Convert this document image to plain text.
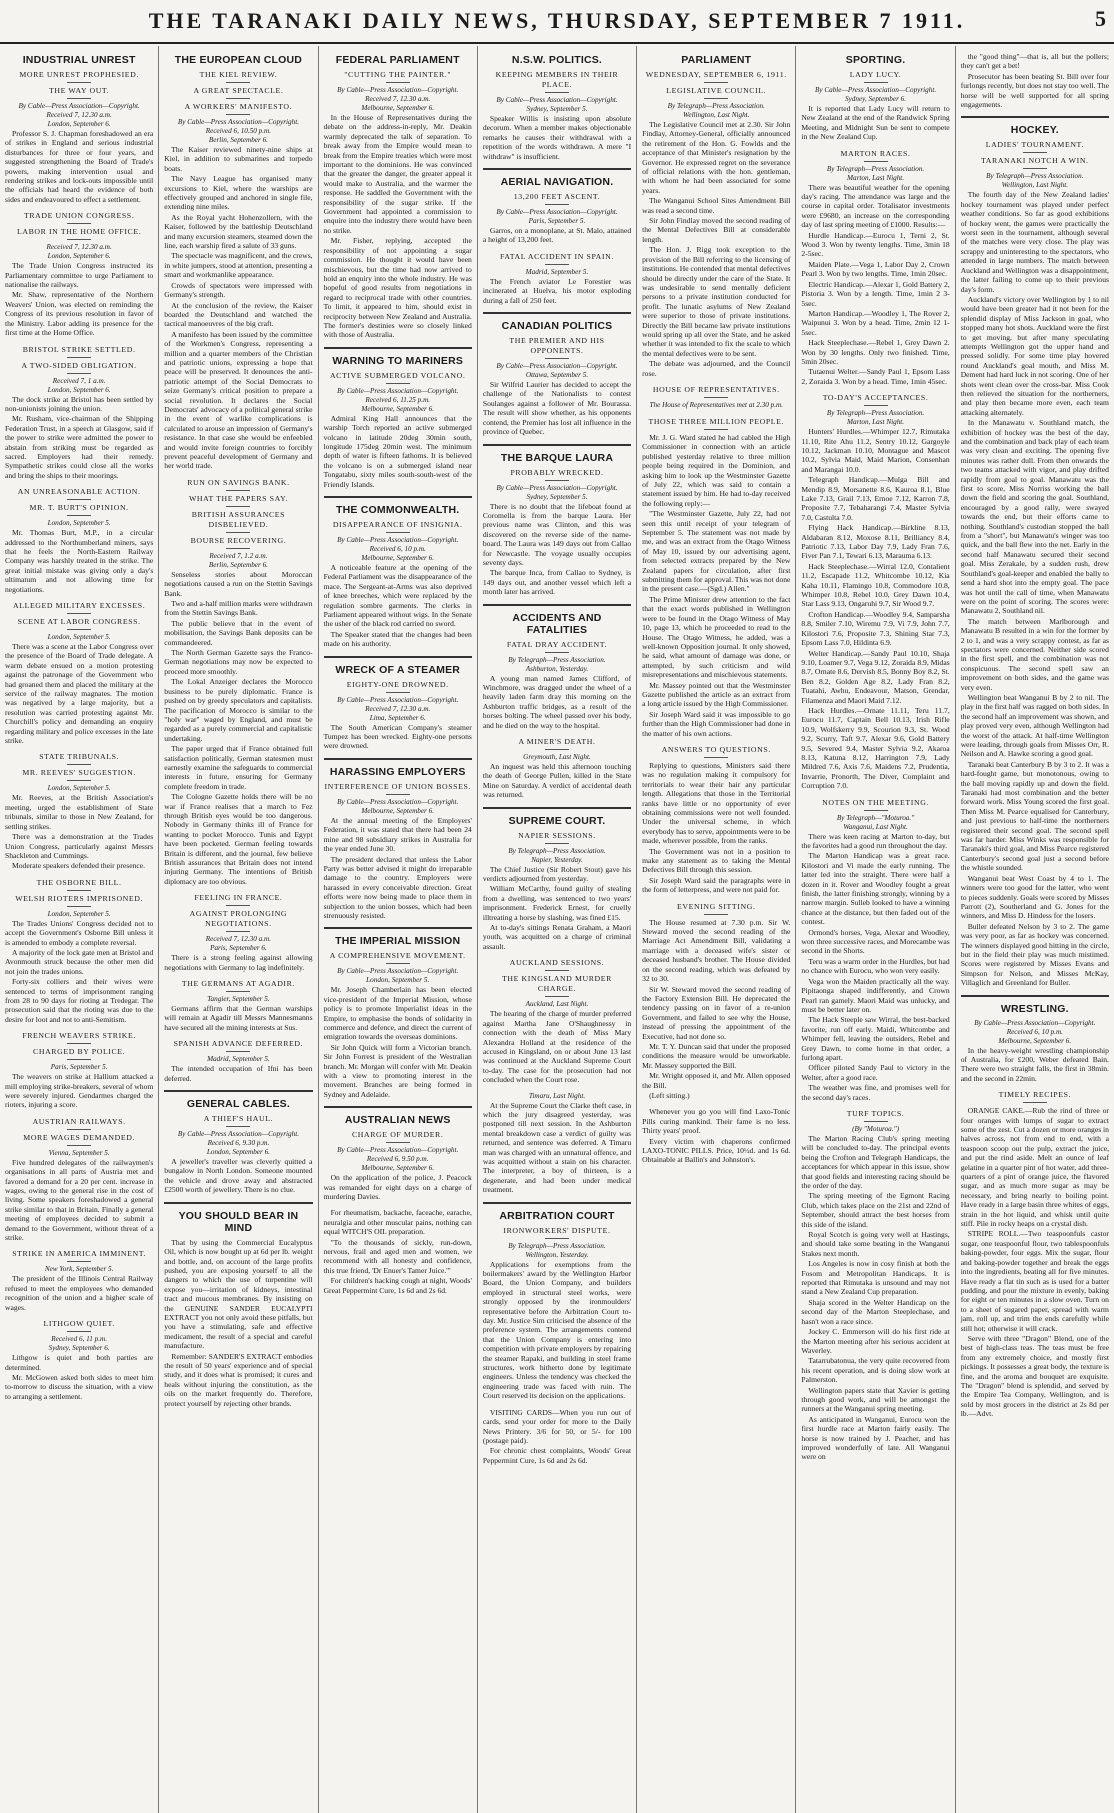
THE TARANAKI DAILY NEWS, THURSDAY, SEPTEMBER 7 1911.	5
INDUSTRIAL UNREST
MORE UNREST PROPHESIED.
THE WAY OUT.
By Cable—Press Association—Copyright.
Received 7, 12.30 a.m.
London, September 6.
Professor S. J. Chapman foreshadowed an era of strikes in England and serious industrial disturbances for three or four years, and suggested strengthening the Board of Trade's powers, making intervention usual and rendering strikes and lock-outs impossible until the officials had heard the evidence of both sides and endeavoured to effect a settlement.
TRADE UNION CONGRESS.
LABOR IN THE HOME OFFICE.
Received 7, 12.30 a.m.
London, September 6.
The Trade Union Congress instructed its Parliamentary committee to urge Parliament to nationalise the railways.
Mr. Shaw, representative of the Northern Weavers' Union, was elected on reminding the Congress of its previous resolution in favor of the Ministry. Labor adding its presence for the first time at the Home Office.
BRISTOL STRIKE SETTLED.
A TWO-SIDED OBLIGATION.
Received 7, 1 a.m.
London, September 6.
The dock strike at Bristol has been settled by non-unionists joining the union.
Mr. Rusham, vice-chairman of the Shipping Federation Trust, in a speech at Glasgow, said if the power to strike were admitted the power to abstain from striking must be regarded as sacred. Employers had their remedy. Sympathetic strikes could close all the works and bring the ships to their moorings.
AN UNREASONABLE ACTION.
MR. T. BURT'S OPINION.
London, September 5.
Mr. Thomas Burt, M.P., in a circular addressed to the Northumberland miners, says that he feels the North-Eastern Railway Company was harshly treated in the strike. The great initial mistake was giving only a day's ultimatum and not allowing time for negotiations.
ALLEGED MILITARY EXCESSES.
SCENE AT LABOR CONGRESS.
London, September 5.
There was a scene at the Labor Congress over the presence of the Board of Trade delegate. A warm debate ensued on a motion protesting against the patronage of the Government who had groaned them and placed the military at the service of the railway magnates. The motion was negatived by a large majority, but a resolution was carried protesting against Mr. Churchill's policy and demanding an enquiry regarding military and police excesses in the late strike.
STATE TRIBUNALS.
MR. REEVES' SUGGESTION.
London, September 5.
Mr. Reeves, at the British Association's meeting, urged the establishment of State tribunals, similar to those in New Zealand, for settling strikes.
There was a demonstration at the Trades Union Congress, particularly against Messrs Shackleton and Cummings.
Moderate speakers defended their presence.
THE OSBORNE BILL.
WELSH RIOTERS IMPRISONED.
London, September 5.
The Trades Unions' Congress decided not to accept the Government's Osborne Bill unless it is amended to embody a complete reversal.
A majority of the lock gate men at Bristol and Avonmouth struck because the other men did not join the trades unions.
Forty-six colliers and their wives were sentenced to terms of imprisonment ranging from 28 to 90 days for rioting at Tredegar. The prosecution said that the rioting was due to the desire for loot and not to anti-Semitism.
FRENCH WEAVERS STRIKE.
CHARGED BY POLICE.
Paris, September 5.
The weavers on strike at Hallium attacked a mill employing strike-breakers, several of whom were severely injured. Gendarmes charged the rioters, injuring a score.
AUSTRIAN RAILWAYS.
MORE WAGES DEMANDED.
Vienna, September 5.
Five hundred delegates of the railwaymen's organisations in all parts of Austria met and favored a demand for a 20 per cent. increase in wages, owing to the general rise in the cost of living. Some speakers foreshadowed a general strike similar to that in Britain. Finally a general meeting of employees decided to submit a demand to the Government, without threat of a strike.
STRIKE IN AMERICA IMMINENT.
New York, September 5.
The president of the Illinois Central Railway refused to meet the employees who demanded recognition of the union and a higher scale of wages.
LITHGOW QUIET.
Received 6, 11 p.m.
Sydney, September 6.
Lithgow is quiet and both parties are determined.
Mr. McGowen asked both sides to meet him to-morrow to discuss the situation, with a view to arranging a settlement.
THE EUROPEAN CLOUD
THE KIEL REVIEW.
A GREAT SPECTACLE.
A WORKERS' MANIFESTO.
By Cable—Press Association—Copyright.
Received 6, 10.50 p.m.
Berlin, September 6.
The Kaiser reviewed ninety-nine ships at Kiel, in addition to submarines and torpedo boats.
The Navy League has organised many excursions to Kiel, where the warships are effectively grouped and anchored in single file, extending nine miles.
As the Royal yacht Hohenzollern, with the Kaiser, followed by the battleship Deutschland and many excursion steamers, steamed down the line, each warship fired a salute of 33 guns.
The spectacle was magnificent, and the crews, in white jumpers, stood at attention, presenting a smart and workmanlike appearance.
Crowds of spectators were impressed with Germany's strength.
At the conclusion of the review, the Kaiser boarded the Deutschland and watched the tactical manoeuvres of the big craft.
A manifesto has been issued by the committee of the Workmen's Congress, representing a million and a quarter members of the Christian and patriotic unions, expressing a hope that peace will be preserved. It denounces the anti-patriotic attempt of the Social Democrats to seize Germany's critical position to prepare a social revolution. It declares the Social Democrats' advocacy of a political general strike in the event of warlike complications is calculated to arouse an impression of Germany's resistance. In that case she would be enfeebled and would invite foreign countries to forcibly prevent peaceful development of Germany and her world trade.
RUN ON SAVINGS BANK.
WHAT THE PAPERS SAY.
BRITISH ASSURANCES DISBELIEVED.
BOURSE RECOVERING.
Received 7, 1.2 a.m.
Berlin, September 6.
Senseless stories about Moroccan negotiations caused a run on the Stettin Savings Bank.
Two and a-half million marks were withdrawn from the Stettin Savings Bank.
The public believe that in the event of mobilisation, the Savings Bank deposits can be commandeered.
The North German Gazette says the Franco-German negotiations may now be expected to proceed more smoothly.
The Lokal Anzeiger declares the Morocco business to be purely diplomatic. France is pushed on by greedy speculators and capitalists. The pacification of Morocco is similar to the "holy war" waged by England, and must be regarded as a purely commercial and capitalistic undertaking.
The paper urged that if France obtained full satisfaction politically, German statesmen must earnestly examine the safeguards to commercial interests in future, ensuring for Germany complete freedom in trade.
The Cologne Gazette holds there will be no war if France realises that a march to Fez through British eyes would be too dangerous. Nobody in Germany thinks ill of France for wanting to pocket Morocco. Tunis and Egypt have been pocketed. German feeling towards Britain is different, and the journal, few believe British assurances that Britain does not intend injuring Germany. The intentions of British diplomacy are too obvious.
FEELING IN FRANCE.
AGAINST PROLONGING NEGOTIATIONS.
Received 7, 12.30 a.m.
Paris, September 6.
There is a strong feeling against allowing negotiations with Germany to lag indefinitely.
THE GERMANS AT AGADIR.
Tangier, September 5.
Germans affirm that the German warships will remain at Agadir till Messrs Mannesmanns have secured all the mining interests at Sus.
SPANISH ADVANCE DEFERRED.
Madrid, September 5.
The intended occupation of Ifni has been deferred.
GENERAL CABLES.
A THIEF'S HAUL.
By Cable—Press Association—Copyright.
Received 6, 9.30 p.m.
London, September 6.
A jeweller's traveller was cleverly quitted a bungalow in North London. Someone mounted the vehicle and drove away and abstracted £2500 worth of jewellery. There is no clue.
YOU SHOULD BEAR IN MIND
That by using the Commercial Eucalyptus Oil, which is now bought up at 6d per lb. weight and bottle, and, on account of the large profits pushed, you are exposing yourself to all the dangers to which the use of turpentine will expose you—irritation of kidneys, intestinal tract and mucous membranes. By insisting on the GENUINE SANDER EUCALYPTI EXTRACT you not only avoid these pitfalls, but you have a stimulating, safe and effective medicament, the result of a special and careful manufacture.
Remember: SANDER'S EXTRACT embodies the result of 50 years' experience and of special study, and it does what is promised; it cures and heals without injuring the constitution, as the oils on the market frequently do. Therefore, protect yourself by rejecting other brands.
FEDERAL PARLIAMENT
"CUTTING THE PAINTER."
By Cable—Press Association—Copyright.
Received 7, 12.30 a.m.
Melbourne, September 6.
In the House of Representatives during the debate on the address-in-reply, Mr. Deakin warmly deprecated the talk of separation. To break away from the Empire would mean to break from the Empire treaties which were most important to the dominions. He was convinced that the greater the danger, the greater appeal it would make to Australia, and the warmer the response. He saddled the Government with the responsibility of the sugar strike. If the Government had appointed a commission to enquire into the industry there would have been no strike.
Mr. Fisher, replying, accepted the responsibility of not appointing a sugar commission. He thought it would have been mischievous, but the time had now arrived to hold an enquiry into the whole industry. He was hopeful of good results from negotiations in regard to reciprocal trade with other countries. To limit, it appeared to him, should exist in reciprocity between New Zealand and Australia. The former's destinies were so closely linked with those of Australia.
WARNING TO MARINERS
ACTIVE SUBMERGED VOLCANO.
By Cable—Press Association—Copyright.
Received 6, 11.25 p.m.
Melbourne, September 6.
Admiral King Hall announces that the warship Torch reported an active submerged volcano in latitude 20deg 30min south, longitude 175deg 20min west. The minimum depth of water is fifteen fathoms. It is believed the volcano is on a submerged island near Tongatabu, sixty miles south-south-west of the Friendly Islands.
THE COMMONWEALTH.
DISAPPEARANCE OF INSIGNIA.
By Cable—Press Association—Copyright.
Received 6, 10 p.m.
Melbourne, September 6.
A noticeable feature at the opening of the Federal Parliament was the disappearance of the mace. The Sergeant-at-Arms was also deprived of knee breeches, which were replaced by the regulation sombre garments. The clerks in Parliament appeared without wigs. In the Senate the usher of the black rod carried no sword.
The Speaker stated that the changes had been made on his authority.
WRECK OF A STEAMER
EIGHTY-ONE DROWNED.
By Cable—Press Association—Copyright.
Received 7, 12.30 a.m.
Lima, September 6.
The South American Company's steamer Tumpez has been wrecked. Eighty-one persons were drowned.
HARASSING EMPLOYERS
INTERFERENCE OF UNION BOSSES.
By Cable—Press Association—Copyright.
Melbourne, September 6.
At the annual meeting of the Employers' Federation, it was stated that there had been 24 mine and 98 subsidiary strikes in Australia for the year ended June 30.
The president declared that unless the Labor Party was better advised it might do irreparable damage to the country. Employers were harassed in every conceivable direction. Great efforts were now being made to place them in subjection to the union bosses, which had been strenuously resisted.
THE IMPERIAL MISSION
A COMPREHENSIVE MOVEMENT.
By Cable—Press Association—Copyright.
London, September 5.
Mr. Joseph Chamberlain has been elected vice-president of the Imperial Mission, whose policy is to promote Imperialist ideas in the Empire, to emphasise the bonds of solidarity in commerce and defence, and direct the current of emigration towards the overseas dominions.
Sir John Quick will form a Victorian branch. Sir John Forrest is president of the Westralian branch. Mr. Morgan will confer with Mr. Deakin with a view to promoting interest in the movement. Branches are being formed in Sydney and Adelaide.
AUSTRALIAN NEWS
CHARGE OF MURDER.
By Cable—Press Association—Copyright.
Received 6, 9.50 p.m.
Melbourne, September 6.
On the application of the police, J. Peacock was remanded for eight days on a charge of murdering Davies.
For rheumatism, backache, faceache, earache, neuralgia and other muscular pains, nothing can equal WITCH'S OIL preparation.
"To the thousands of sickly, run-down, nervous, frail and aged men and women, we recommend with all honesty and confidence, this true friend, 'Dr Enuer's Tamer Juice.'"
For children's hacking cough at night, Woods' Great Peppermint Cure, 1s 6d and 2s 6d.
N.S.W. POLITICS.
KEEPING MEMBERS IN THEIR PLACE.
By Cable—Press Association—Copyright.
Sydney, September 5.
Speaker Willis is insisting upon absolute decorum. When a member makes objectionable remarks he causes their withdrawal with a repetition of the words withdrawn. A mere "I withdraw" is insufficient.
AERIAL NAVIGATION.
13,200 FEET ASCENT.
By Cable—Press Association—Copyright.
Paris, September 5.
Garros, on a monoplane, at St. Malo, attained a height of 13,200 feet.
FATAL ACCIDENT IN SPAIN.
Madrid, September 5.
The French aviator Le Forestier was incinerated at Huelva, his motor exploding during a fall of 250 feet.
CANADIAN POLITICS
THE PREMIER AND HIS OPPONENTS.
By Cable—Press Association—Copyright.
Ottawa, September 5.
Sir Wilfrid Laurier has decided to accept the challenge of the Nationalists to contest Soulanges against a follower of Mr. Bourassa. The result will show whether, as his opponents contend, the Premier has lost all influence in the province of Quebec.
THE BARQUE LAURA
PROBABLY WRECKED.
By Cable—Press Association—Copyright.
Sydney, September 5.
There is no doubt that the lifeboat found at Coromella is from the barque Laura. Her previous name was Clinton, and this was discovered on the reverse side of the name-board. The Laura was 149 days out from Callao for Newcastle. The voyage usually occupies seventy days.
The barque Inca, from Callao to Sydney, is 149 days out, and another vessel which left a month later has arrived.
ACCIDENTS AND FATALITIES
FATAL DRAY ACCIDENT.
By Telegraph—Press Association.
Ashburton, Yesterday.
A young man named James Clifford, of Winchmore, was dragged under the wheel of a heavily laden farm dray this morning on the Ashburton traffic bridges, as a result of the horses bolting. The wheel passed over his body, and he died on the way to the hospital.
A MINER'S DEATH.
Greymouth, Last Night.
An inquest was held this afternoon touching the death of George Pullen, killed in the State Mine on Saturday. A verdict of accidental death was returned.
SUPREME COURT.
NAPIER SESSIONS.
By Telegraph—Press Association.
Napier, Yesterday.
The Chief Justice (Sir Robert Stout) gave his verdicts adjourned from yesterday.
William McCarthy, found guilty of stealing from a dwelling, was sentenced to two years' imprisonment. Frederick Ernest, for cruelly illtreating a horse by slashing, was fined £15.
At to-day's sittings Renata Graham, a Maori youth, was acquitted on a charge of criminal assault.
AUCKLAND SESSIONS.
THE KINGSLAND MURDER CHARGE.
Auckland, Last Night.
The hearing of the charge of murder preferred against Martha Jane O'Shaughnessy in connection with the death of Miss Mary Alexandra Holland at the residence of the accused in Kingsland, on or about June 13 last was continued at the Auckland Supreme Court to-day. The case for the prosecution had not concluded when the Court rose.
Timaru, Last Night.
At the Supreme Court the Clarke theft case, in which the jury disagreed yesterday, was postponed till next session. In the Ashburton mental breakdown case a verdict of guilty was returned, and sentence was deferred. A Timaru man was charged with an unnatural offence, and was acquitted without a stain on his character. The interpreter, a boy of thirteen, is a degenerate, and had been under medical treatment.
ARBITRATION COURT
IRONWORKERS' DISPUTE.
By Telegraph—Press Association.
Wellington, Yesterday.
Applications for exemptions from the boilermakers' award by the Wellington Harbor Board, the Union Company, and builders employed in structural steel works, were strongly opposed by the ironmoulders' representative before the Arbitration Court to-day. Mr. Justice Sim criticised the absence of the preference system. The arrangements contend that the Union Company is entering into competition with private employers by repairing the steamer Rapaki, and building in steel frame structures, work hitherto done by legitimate engineers. Unless the tendency was checked the engineering trade was faced with ruin. The Court reserved its decision on the applications.
VISITING CARDS—When you run out of cards, send your order for more to the Daily News Printery. 3/6 for 50, or 5/- for 100 (postage paid).
For chronic chest complaints, Woods' Great Peppermint Cure, 1s 6d and 2s 6d.
PARLIAMENT
WEDNESDAY, SEPTEMBER 6, 1911.
LEGISLATIVE COUNCIL.
By Telegraph—Press Association.
Wellington, Last Night.
The Legislative Council met at 2.30. Sir John Findlay, Attorney-General, officially announced the retirement of the Hon. G. Fowlds and the acceptance of that Minister's resignation by the Governor. He expressed regret on the severance of official relations with the hon. gentleman, with whom he had been associated for some years.
The Wanganui School Sites Amendment Bill was read a second time.
Sir John Findlay moved the second reading of the Mental Defectives Bill at considerable length.
The Hon. J. Rigg took exception to the provision of the Bill referring to the licensing of institutions. He contended that mental defectives should be directly under the care of the State. It was undesirable to send mentally deficient persons to a private institution conducted for profit. The lunatic asylums of New Zealand were superior to those of private institutions. Directly the Bill became law private institutions would spring up all over the State, and he asked whether it was intended to fix the scale to which the mental defectives were to be sent.
The debate was adjourned, and the Council rose.
HOUSE OF REPRESENTATIVES.
The House of Representatives met at 2.30 p.m.
THOSE THREE MILLION PEOPLE.
Mr. J. G. Ward stated he had cabled the High Commissioner in connection with an article published yesterday relative to three million people being required in the Dominion, and asking him to look up the Westminster Gazette of July 22, which was said to contain a statement issued by him. He had to-day received the following reply:—
"The Westminster Gazette, July 22, had not seen this until receipt of your telegram of September 5. The statement was not made by me, and was an extract from the Otago Witness of May 10, issued by our advertising agent, from selected extracts prepared by the New Zealand papers for circulation, after first submitting them for approval. This was not done in the present case.—(Sgd.) Allen."
The Prime Minister drew attention to the fact that the exact words published in Wellington were to be found in the Otago Witness of May 10, page 13, which he proceeded to read to the House. The Otago Witness, he added, was a well-known Opposition journal. It only showed, he said, what amount of damage was done, or attempted, by such criticism and wild misrepresentations and mischievous statements.
Mr. Massey pointed out that the Westminster Gazette published the article as an extract from a long article issued by the High Commissioner.
Sir Joseph Ward said it was impossible to go further than the High Commissioner had done in the matter of his own actions.
ANSWERS TO QUESTIONS.
Replying to questions, Ministers said there was no regulation making it compulsory for territorials to wear their hair any particular length. Allegations that those in the Territorial ranks have little or no opportunity of ever obtaining commissions were not well founded. Under the universal scheme, in which everybody has to serve, appointments were to be made, wherever possible, from the ranks.
The Government was not in a position to make any statement as to taking the Mental Defectives Bill through this session.
Sir Joseph Ward said the paragraphs were in the form of letterpress, and were not paid for.
EVENING SITTING.
The House resumed at 7.30 p.m. Sir W. Steward moved the second reading of the Marriage Act Amendment Bill, validating a marriage with a deceased wife's sister or deceased husband's brother. The House divided on the second reading, which was defeated by 32 to 30.
Sir W. Steward moved the second reading of the Factory Extension Bill. He deprecated the tendency passing on in favor of a re-union Government, and failed to see why the House, instead of pressing the appointment of the Executive, had not done so.
Mr. T. Y. Duncan said that under the proposed conditions the measure would be unworkable. Mr. Massey supported the Bill.
Mr. Wright opposed it, and Mr. Allen opposed the Bill.
(Left sitting.)
Whenever you go you will find Laxo-Tonic Pills curing mankind. Their fame is no less. Thirty years' proof.
Every victim with chaperons confirmed LAXO-TONIC PILLS. Price, 10½d. and 1s 6d. Obtainable at Ballin's and Johnston's.
SPORTING.
LADY LUCY.
By Cable—Press Association—Copyright.
Sydney, September 6.
It is reported that Lady Lucy will return to New Zealand at the end of the Randwick Spring Meeting, and Midnight Sun be sent to compete in the New Zealand Cup.
MARTON RACES.
By Telegraph—Press Association.
Marton, Last Night.
There was beautiful weather for the opening day's racing. The attendance was large and the course in capital order. Totalisator investments were £9680, an increase on the corresponding day of last spring meeting of £1000. Results:—
Hurdle Handicap.—Eurocu 1, Terni 2, St. Wood 3. Won by twenty lengths. Time, 3min 18 2-5sec.
Maiden Plate.—Vega 1, Labor Day 2, Crown Pearl 3. Won by two lengths. Time, 1min 20sec.
Electric Handicap.—Alexar 1, Gold Battery 2, Pistoria 3. Won by a length. Time, 1min 2 3-5sec.
Marton Handicap.—Woodley 1, The Rover 2, Waipunui 3. Won by a head. Time, 2min 12 1-5sec.
Hack Steeplechase.—Rebel 1, Grey Dawn 2. Won by 30 lengths. Only two finished. Time, 5min 20sec.
Tutaenui Welter.—Sandy Paul 1, Epsom Lass 2, Zoraida 3. Won by a head. Time, 1min 45sec.
TO-DAY'S ACCEPTANCES.
By Telegraph—Press Association.
Marton, Last Night.
Hunters' Hurdles.—Whimper 12.7, Rimutaka 11.10, Rite Ahu 11.2, Sentry 10.12, Gargoyle 10.12, Jackman 10.10, Montague and Mascot 10.2, Sylvia Maid, Maid Marion, Consenhan and Marangai 10.0.
Telegraph Handicap.—Mulga Bill and Mendip 8.9, Morsanette 8.6, Kauroa 8.1, Blue Lake 7.13, Grail 7.13, Ernoe 7.12, Karron 7.8, Proposite 7.7, Tebaharangi 7.4, Master Sylvia 7.0, Castulta 7.0.
Flying Hack Handicap.—Birkline 8.13, Aldabaran 8.12, Moxose 8.11, Brilliancy 8.4, Patriotic 7.13, Labor Day 7.9, Lady Fran 7.6, Fiver Pan 7.1, Tewari 6.13, Marauma 6.13.
Hack Steeplechase.—Wirral 12.0, Contalient 11.2, Escapade 11.2, Whitcombe 10.12, Kia Kaha 10.11, Flamingo 10.8, Commodore 10.8, Whimper 10.8, Rebel 10.0, Grey Dawn 10.4, Star Lass 9.13, Ongaruhi 9.7, Sir Wood 9.7.
Crofton Handicap.—Woodley 9.4, Samparsha 8.8, Smiler 7.10, Wiremu 7.9, Vi 7.9, John 7.7, Kilostori 7.6, Proposite 7.3, Shining Star 7.3, Epsom Lass 7.0, Hildinta 6.9.
Welter Handicap.—Sandy Paul 10.10, Shaja 9.10, Loamer 9.7, Vega 9.12, Zoraida 8.9, Midas 8.7, Ornate 8.6, Dervish 8.5, Bonny Boy 8.2, St. Ben 8.2, Golden Age 8.2, Lady Fran 8.2, Tuatahi, Awhu, Endeavour, Matson, Grendar, Filamenza and Maori Maid 7.12.
Hack Hurdles.—Ornate 11.11, Teru 11.7, Eurocu 11.7, Captain Bell 10.13, Irish Rifle 10.9, Wolfskerry 9.9, Scourion 9.3, St. Wood 9.2, Scurry, Taft 9.7, Alexar 9.6, Gold Battery 9.5, Severed 9.4, Master Sylvia 9.2, Akaroa 8.13, Katuna 8.12, Harrington 7.9, Lady Mildred 7.6, Axis 7.6, Maidens 7.2, Prudentia, Invarrie, Pronorth, The Diver, Complaint and Corruption 7.0.
NOTES ON THE MEETING.
By Telegraph—"Moturoa."
Wanganui, Last Night.
There was keen racing at Marton to-day, but the favorites had a good run throughout the day.
The Marton Handicap was a great race. Kilostori and Vi made the early running. The latter led into the straight. There were half a dozen in it. Rover and Woodley fought a great finish, the latter finishing strongly, winning by a narrow margin. Sulleb looked to have a winning chance at the distance, but then faded out of the contest.
Ormond's horses, Vega, Alexar and Woodley, won three successive races, and Morecambe was second in the Shorts.
Teru was a warm order in the Hurdles, but had no chance with Eurocu, who won very easily.
Vega won the Maiden practically all the way. Pipitaonga shaped indifferently, and Crown Pearl ran gamely. Maori Maid was unlucky, and must be better later on.
The Hack Steeple saw Wirral, the best-backed favorite, run off early. Maidi, Whitcombe and Whimper fell, leaving the outsiders, Rebel and Grey Dawn, to come home in that order, a furlong apart.
Officer piloted Sandy Paul to victory in the Welter, after a good race.
The weather was fine, and promises well for the second day's races.
TURF TOPICS.
(By "Moturoa.")
The Marton Racing Club's spring meeting will be concluded to-day. The principal events being the Crofton and Telegraph Handicaps, the acceptances for which appear in this issue, show that good fields and interesting racing should be the order of the day.
The spring meeting of the Egmont Racing Club, which takes place on the 21st and 22nd of September, should attract the best horses from this side of the island.
Royal Scotch is going very well at Hastings, and should take some beating in the Wanganui Stakes next month.
Los Angeles is now in cosy finish at both the Fosom and Metropolitan Handicaps. It is reported that Rimutaka is unsound and may not stand a New Zealand Cup preparation.
Shaja scored in the Welter Handicap on the second day of the Marton Steeplechase, and hasn't won a race since.
Jockey C. Emmerson will do his first ride at the Marton meeting after his serious accident at Waverley.
Tatarrubatonua, the very quite recovered from his recent operation, and is doing slow work at Palmerston.
Wellington papers state that Xavier is getting through good work, and will be amongst the runners at the Wanganui spring meeting.
As anticipated in Wanganui, Eurocu won the first hurdle race at Marton fairly easily. The horse is now trained by J. Peacher, and has improved wonderfully of late. All Wanganui were on
the "good thing"—that is, all but the pollers; they can't get a bet!
Prosecutor has been beating St. Bill over four furlongs recently, but does not stay too well. The horse will be well supported for all spring engagements.
HOCKEY.
LADIES' TOURNAMENT.
TARANAKI NOTCH A WIN.
By Telegraph—Press Association.
Wellington, Last Night.
The fourth day of the New Zealand ladies' hockey tournament was played under perfect weather conditions. So far as good exhibitions of hockey went, the games were practically the worst seen in the tournament, although several of the matches were very close. The play was scrappy and uninteresting to the spectators, who attended in large numbers. The match between Auckland and Wellington was a disappointment, the latter failing to come up to their previous day's form.
Auckland's victory over Wellington by 1 to nil would have been greater had it not been for the splendid display of Miss Jackson in goal, who stopped many hot shots. Auckland were the first to get moving, but after many speculating attempts Wellington got the upper hand and pressed solidly. For some time play hovered round Auckland's goal mouth, and Miss M. Dement had hard luck in not scoring. One of her shots went clean over the cross-bar. Miss Cook then relieved the situation for the northerners, and play then became more even, each team attacking alternately.
In the Manawatu v. Southland match, the exhibition of hockey was the best of the day, and the combination and back play of each team was very clean and exciting. The opening five minutes was rather dull. From then onwards the two teams attacked with vigor, and play drifted rapidly from goal to goal. Manawatu was the first to score, Miss Norriss working the ball down the field and scoring the goal. Southland, encouraged by a good rally, were swayed towards the end, but their efforts came to nothing. Southland's custodian stopped the ball from a "short", but Manawatu's winger was too quick, and the ball flew into the net. Early in the second half Manawatu secured their second goal. Miss Zerakale, by a sudden rush, drew Southland's goal-keeper and enabled the bally to send a hard shot into the empty goal. The pace was hot until the call of time, when Manawatu were on the point of scoring. The scores were: Manawatu 2, Southland nil.
The match between Marlborough and Manawatu B resulted in a win for the former by 2 to 1, and was a very scrappy contest, as far as spectators were concerned. Neither side scored in the first spell, and the combination was not conspicuous. The second spell saw an improvement on both sides, and the game was very even.
Wellington beat Wanganui B by 2 to nil. The play in the first half was ragged on both sides. In the second half an improvement was shown, and play proved very even, although Wellington had the worst of the attack. At half-time Wellington were leading, through goals from Misses Orr, R. Neilson and A. Hawke scoring a good goal.
Taranaki beat Canterbury B by 3 to 2. It was a hard-fought game, but monotonous, owing to the ball moving rapidly up and down the field. Taranaki had most combination and the better forward work. Miss Young scored the first goal. Then Miss M. Pearce equalised for Canterbury, and just previous to half-time the northerners registered their second goal. The second spell was far harder. Miss Winks was responsible for Taranaki's third goal, and Miss Pearce registered Canterbury's second goal just a second before the whistle sounded.
Wanganui beat West Coast by 4 to 1. The winners were too good for the latter, who went to pieces suddenly. Goals were scored by Misses Parrott (2), Southerland and G. Jones for the winners, and Miss D. Hindess for the losers.
Buller defeated Nelson by 3 to 2. The game was very poor, as far as hockey was concerned. The winners displayed good hitting in the circle, but in the field their play was much mistimed. Scores were registered by Misses Evans and Simpson for Nelson, and Misses McKay, Villaglich and Greenland for Buller.
WRESTLING.
By Cable—Press Association—Copyright.
Received 6, 10 p.m.
Melbourne, September 6.
In the heavy-weight wrestling championship of Australia, for £200, Weber defeated Bain. There were two straight falls, the first in 38min. and the second in 22min.
TIMELY RECIPES.
ORANGE CAKE.—Rub the rind of three or four oranges with lumps of sugar to extract some of the zest. Cut a dozen or more oranges in halves across, not from end to end, with a teaspoon scoop out the pulp, extract the juice, and put the rind aside. Melt an ounce of leaf gelatine in a quarter pint of hot water, add three-quarters of a pint of orange juice, the flavored sugar, and as much more sugar as may be necessary, and bring nearly to boiling point. Have ready in a large basin three whites of eggs, strain in the hot liquid, and whisk until quite stiff. Pile in rocky heaps on a crystal dish.
STRIPE ROLL.—Two teaspoonfuls castor sugar, one teaspoonful flour, two tablespoonfuls baking-powder, four eggs. Mix the sugar, flour and baking-powder together and break the eggs into the ingredients, beating all for five minutes. Have ready a flat tin such as is used for a batter pudding, and pour the mixture in evenly, baking for eight or ten minutes in a slow oven. Turn on to a sheet of sugared paper, spread with warm jam, roll up, and trim the ends carefully while still hot; otherwise it will crack.
Serve with three "Dragon" Blend, one of the best of high-class teas. The teas must be free from any extremely choice, and mostly first pickings. It possesses a great body, the texture is fine, and the aroma and bouquet are exquisite. The "Dragon" blend is splendid, and served by the Empire Tea Company, Wellington, and is sold by most grocers in the district at 2s 8d per lb.—Advt.
